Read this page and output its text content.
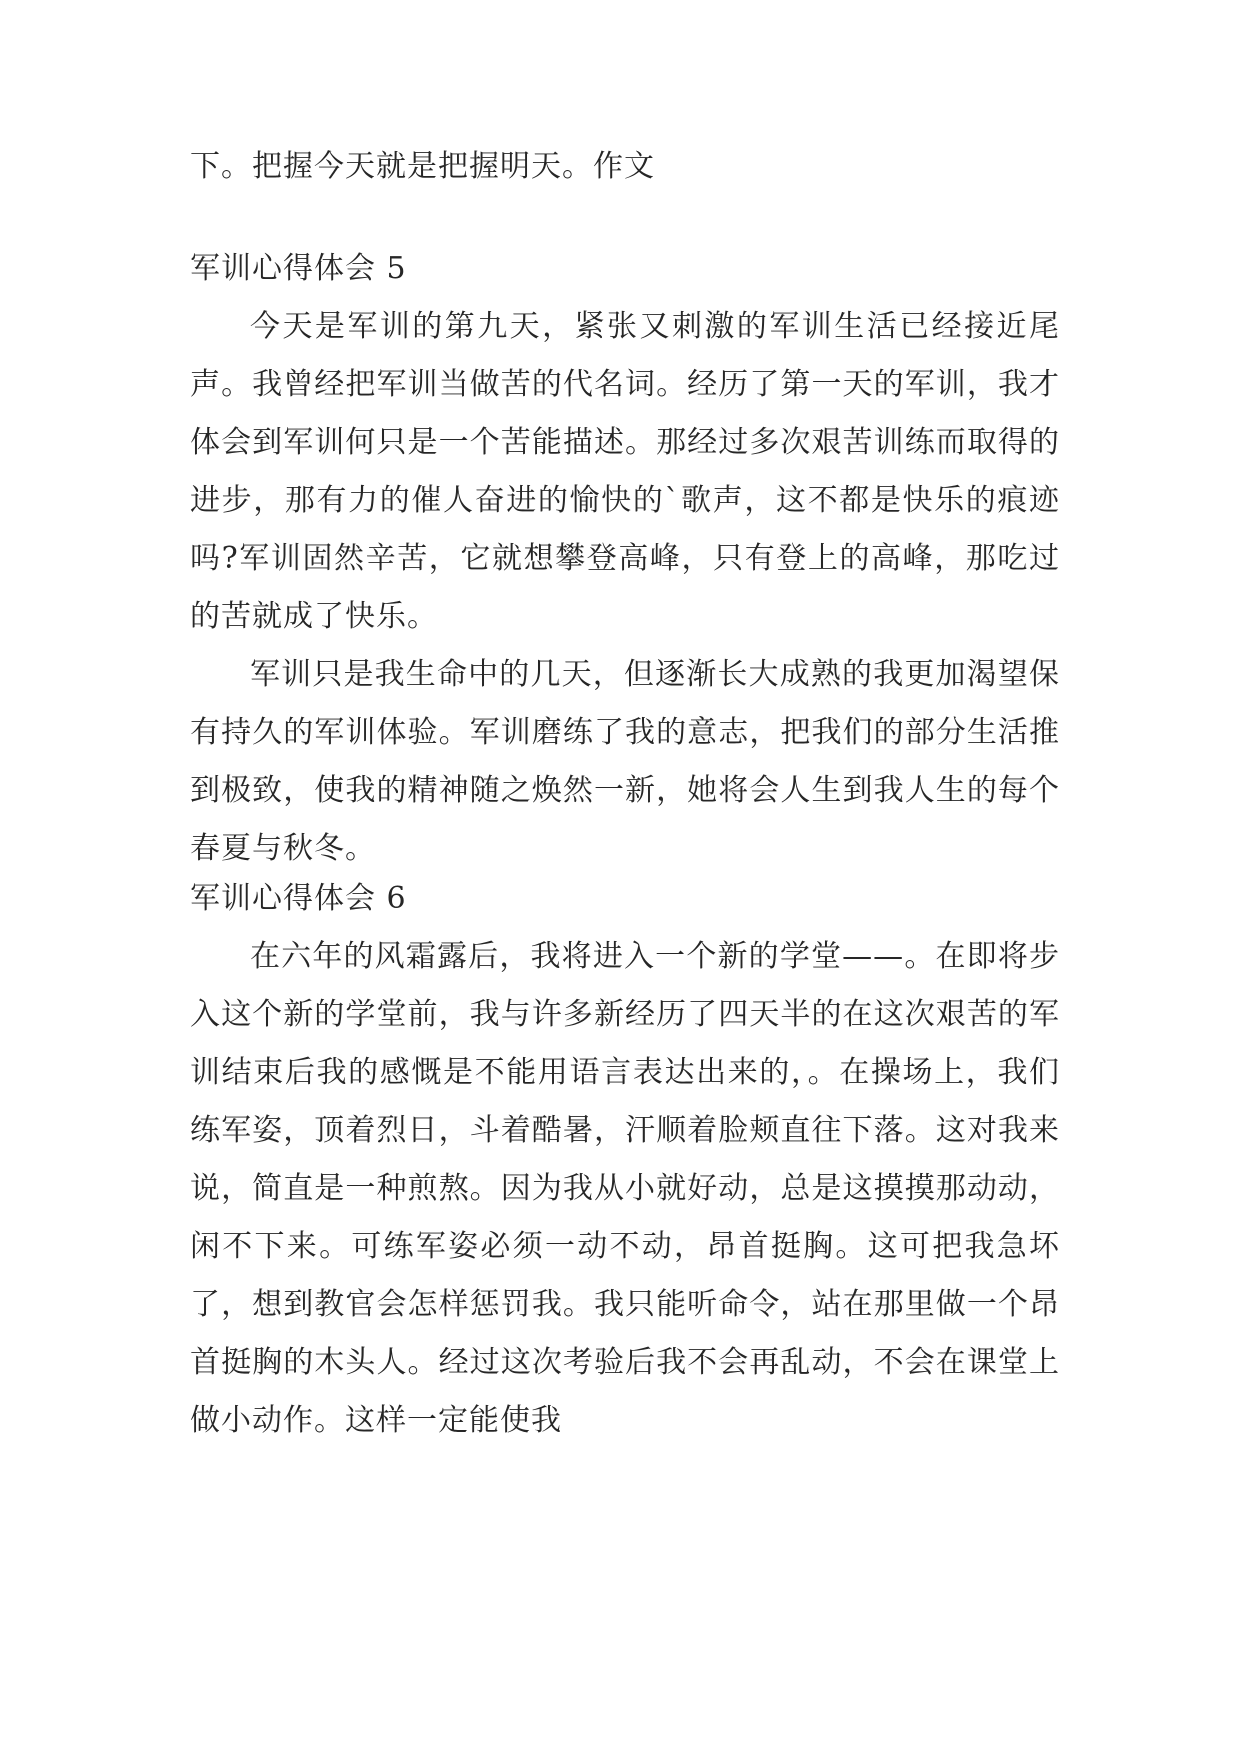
下。把握今天就是把握明天。作文

军训心得体会 5

今天是军训的第九天，紧张又刺激的军训生活已经接近尾声。我曾经把军训当做苦的代名词。经历了第一天的军训，我才体会到军训何只是一个苦能描述。那经过多次艰苦训练而取得的进步，那有力的催人奋进的愉快的`歌声，这不都是快乐的痕迹吗?军训固然辛苦，它就想攀登高峰，只有登上的高峰，那吃过的苦就成了快乐。

军训只是我生命中的几天，但逐渐长大成熟的我更加渴望保有持久的军训体验。军训磨练了我的意志，把我们的部分生活推到极致，使我的精神随之焕然一新，她将会人生到我人生的每个春夏与秋冬。

军训心得体会 6

在六年的风霜露后，我将进入一个新的学堂——。在即将步入这个新的学堂前，我与许多新经历了四天半的在这次艰苦的军训结束后我的感慨是不能用语言表达出来的，。在操场上，我们练军姿，顶着烈日，斗着酷暑，汗顺着脸颊直往下落。这对我来说，简直是一种煎熬。因为我从小就好动，总是这摸摸那动动，闲不下来。可练军姿必须一动不动，昂首挺胸。这可把我急坏了，想到教官会怎样惩罚我。我只能听命令，站在那里做一个昂首挺胸的木头人。经过这次考验后我不会再乱动，不会在课堂上做小动作。这样一定能使我
